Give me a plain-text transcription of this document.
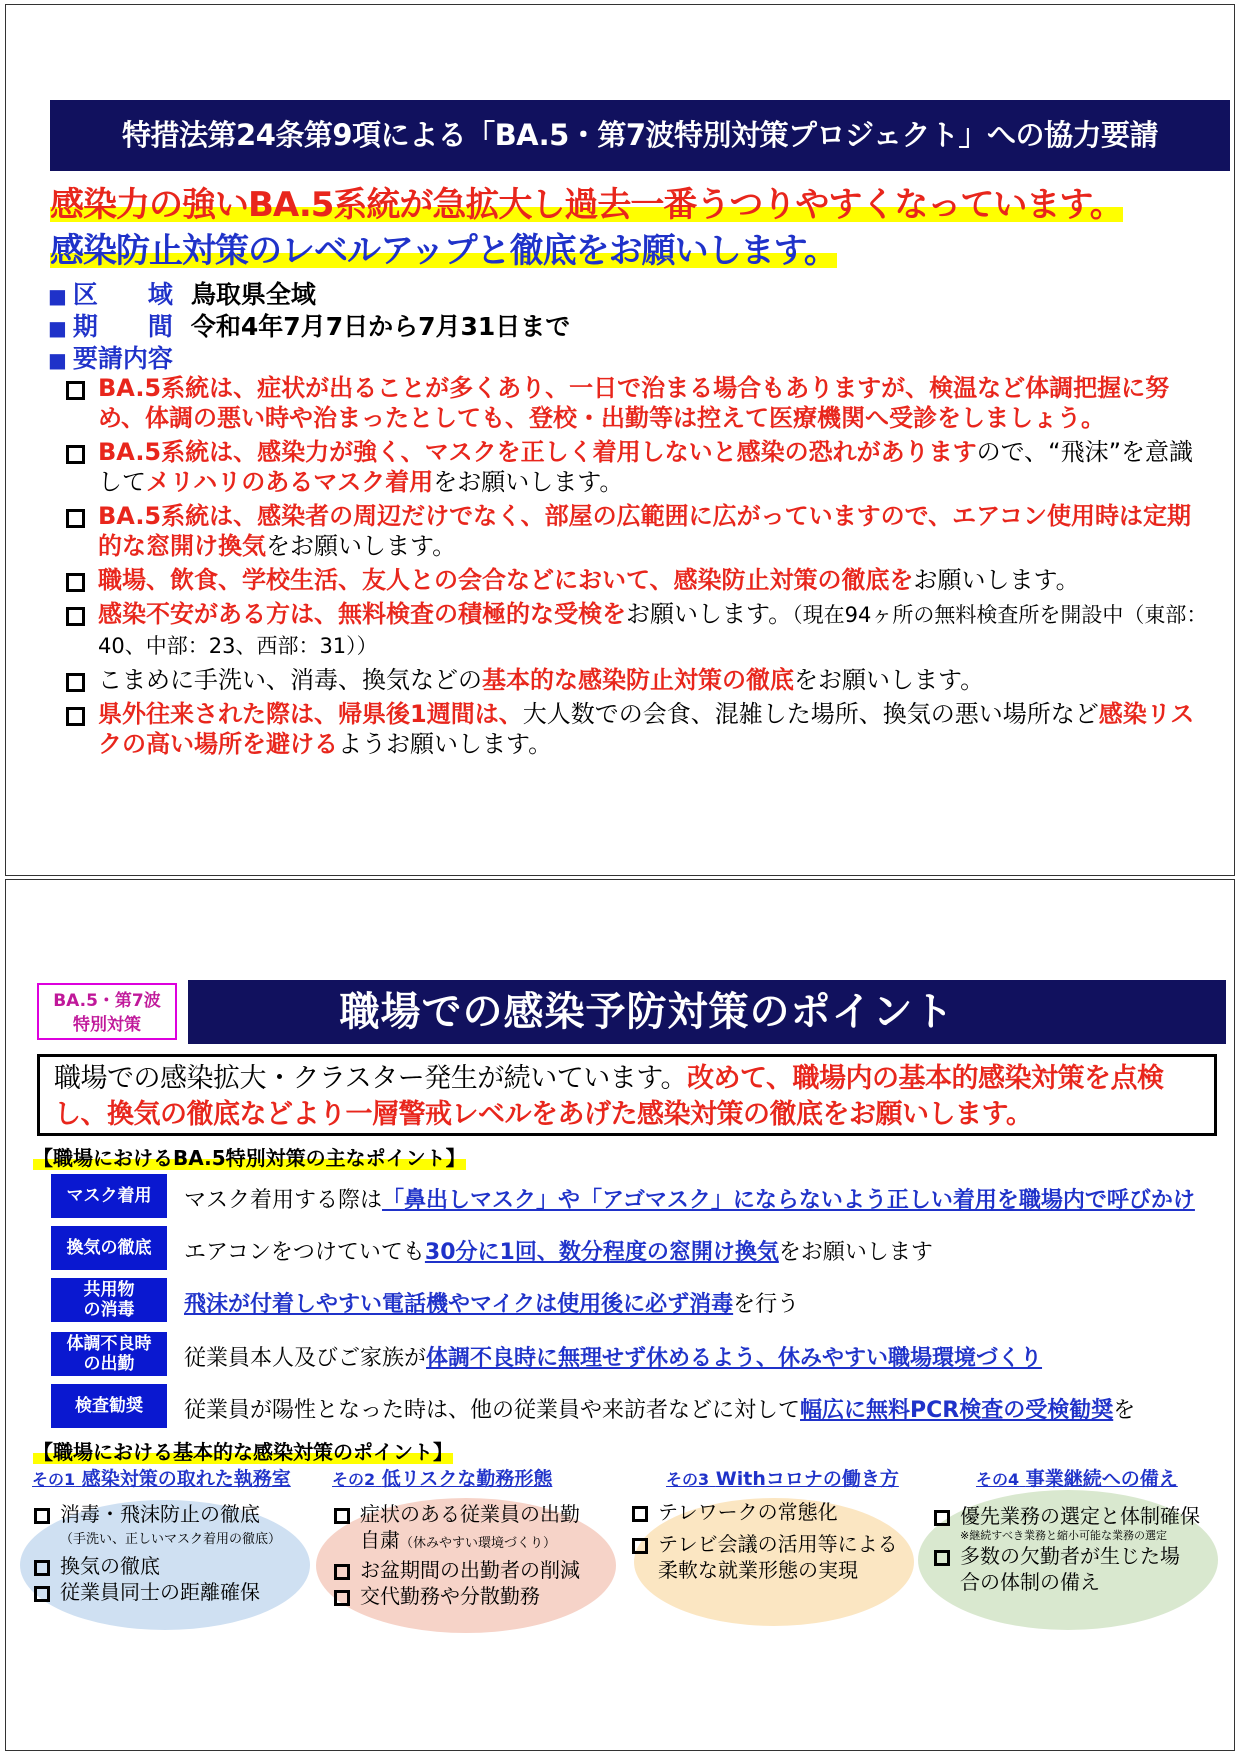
特措法第24条第9項による「BA.5・第7波特別対策プロジェクト」への協力要請
感染力の強いBA.5系統が急拡大し過去一番うつりやすくなっています。
感染防止対策のレベルアップと徹底をお願いします。
■ 区　　域 鳥取県全域
■ 期　　間 令和4年7月7日から7月31日まで
■ 要請内容
BA.5系統は、症状が出ることが多くあり、一日で治まる場合もありますが、検温など体調把握に努め、体調の悪い時や治まったとしても、登校・出勤等は控えて医療機関へ受診をしましょう。
BA.5系統は、感染力が強く、マスクを正しく着用しないと感染の恐れがありますので、“飛沫”を意識してメリハリのあるマスク着用をお願いします。
BA.5系統は、感染者の周辺だけでなく、部屋の広範囲に広がっていますので、エアコン使用時は定期的な窓開け換気をお願いします。
職場、飲食、学校生活、友人との会合などにおいて、感染防止対策の徹底をお願いします。
感染不安がある方は、無料検査の積極的な受検をお願いします。（現在94ヶ所の無料検査所を開設中（東部：40、中部：23、西部：31））
こまめに手洗い、消毒、換気などの基本的な感染防止対策の徹底をお願いします。
県外往来された際は、帰県後1週間は、大人数での会食、混雑した場所、換気の悪い場所など感染リスクの高い場所を避けるようお願いします。
BA.5・第7波
特別対策	職場での感染予防対策のポイント
職場での感染拡大・クラスター発生が続いています。改めて、職場内の基本的感染対策を点検し、換気の徹底などより一層警戒レベルをあげた感染対策の徹底をお願いします。
【職場におけるBA.5特別対策の主なポイント】
マスク着用	マスク着用する際は「鼻出しマスク」や「アゴマスク」にならないよう正しい着用を職場内で呼びかけ
換気の徹底	エアコンをつけていても30分に1回、数分程度の窓開け換気をお願いします
共用物
の消毒	飛沫が付着しやすい電話機やマイクは使用後に必ず消毒を行う
体調不良時
の出勤	従業員本人及びご家族が体調不良時に無理せず休めるよう、休みやすい職場環境づくり
検査勧奨	従業員が陽性となった時は、他の従業員や来訪者などに対して幅広に無料PCR検査の受検勧奨を
【職場における基本的な感染対策のポイント】
その1 感染対策の取れた執務室
消毒・飛沫防止の徹底
（手洗い、正しいマスク着用の徹底）
換気の徹底
従業員同士の距離確保
その2 低リスクな勤務形態
症状のある従業員の出勤
自粛（休みやすい環境づくり）
お盆期間の出勤者の削減
交代勤務や分散勤務
その3 Withコロナの働き方
テレワークの常態化
テレビ会議の活用等による
柔軟な就業形態の実現
その4 事業継続への備え
優先業務の選定と体制確保
※継続すべき業務と縮小可能な業務の選定
多数の欠勤者が生じた場
合の体制の備え
